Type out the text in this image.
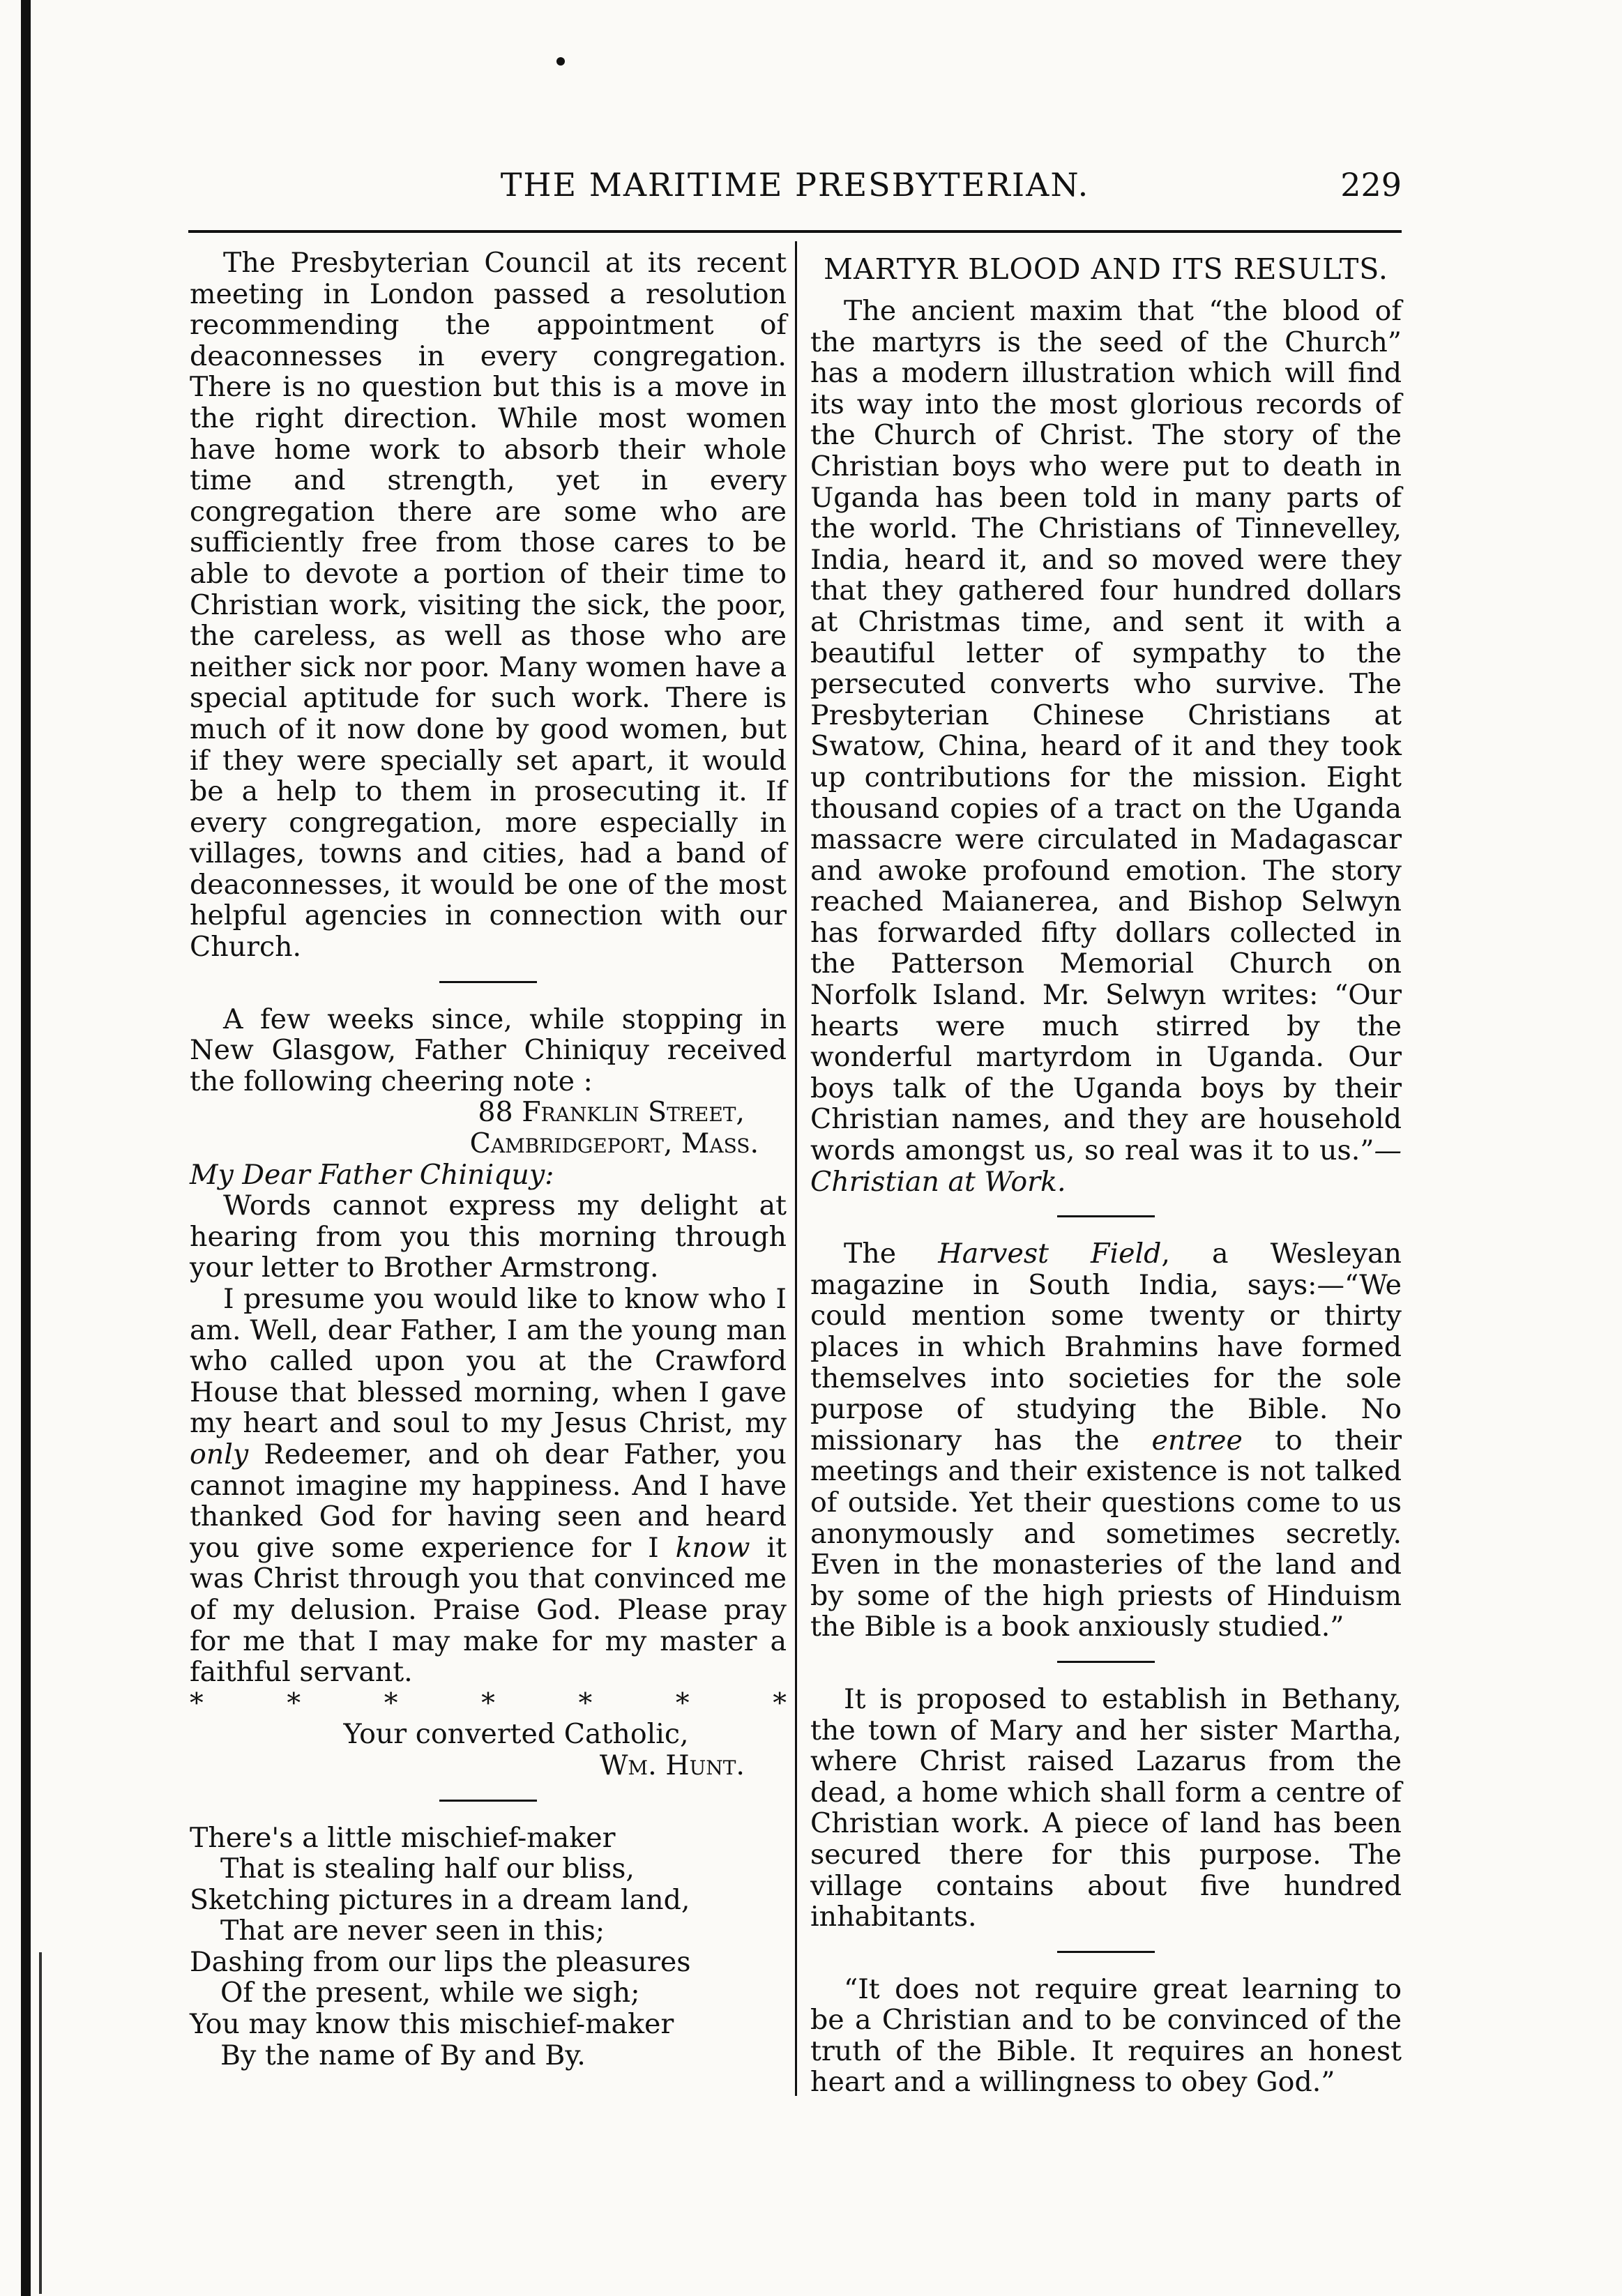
THE MARITIME PRESBYTERIAN.	229

The Presbyterian Council at its recent meeting in London passed a resolution recommending the appointment of deaconnesses in every congregation. There is no question but this is a move in the right direction. While most women have home work to absorb their whole time and strength, yet in every congregation there are some who are sufficiently free from those cares to be able to devote a portion of their time to Christian work, visiting the sick, the poor, the careless, as well as those who are neither sick nor poor. Many women have a special aptitude for such work. There is much of it now done by good women, but if they were specially set apart, it would be a help to them in prosecuting it. If every congregation, more especially in villages, towns and cities, had a band of deaconnesses, it would be one of the most helpful agencies in connection with our Church.

A few weeks since, while stopping in New Glasgow, Father Chiniquy received the following cheering note :

88 Franklin Street,

Cambridgeport, Mass.

My Dear Father Chiniquy:

Words cannot express my delight at hearing from you this morning through your letter to Brother Armstrong.

I presume you would like to know who I am. Well, dear Father, I am the young man who called upon you at the Crawford House that blessed morning, when I gave my heart and soul to my Jesus Christ, my only Redeemer, and oh dear Father, you cannot imagine my happiness. And I have thanked God for having seen and heard you give some experience for I know it was Christ through you that convinced me of my delusion. Praise God. Please pray for me that I may make for my master a faithful servant.

*	*	*	*	*	*	*

Your converted Catholic,

Wm. Hunt.

There's a little mischief-maker

That is stealing half our bliss,

Sketching pictures in a dream land,

That are never seen in this;

Dashing from our lips the pleasures

Of the present, while we sigh;

You may know this mischief-maker

By the name of By and By.

MARTYR BLOOD AND ITS RESULTS.

The ancient maxim that “the blood of the martyrs is the seed of the Church” has a modern illustration which will find its way into the most glorious records of the Church of Christ. The story of the Christian boys who were put to death in Uganda has been told in many parts of the world. The Christians of Tinnevelley, India, heard it, and so moved were they that they gathered four hundred dollars at Christmas time, and sent it with a beautiful letter of sympathy to the persecuted converts who survive. The Presbyterian Chinese Christians at Swatow, China, heard of it and they took up contributions for the mission. Eight thousand copies of a tract on the Uganda massacre were circulated in Madagascar and awoke profound emotion. The story reached Maianerea, and Bishop Selwyn has forwarded fifty dollars collected in the Patterson Memorial Church on Norfolk Island. Mr. Selwyn writes: “Our hearts were much stirred by the wonderful martyrdom in Uganda. Our boys talk of the Uganda boys by their Christian names, and they are household words amongst us, so real was it to us.”—Christian at Work.

The Harvest Field, a Wesleyan magazine in South India, says:—“We could mention some twenty or thirty places in which Brahmins have formed themselves into societies for the sole purpose of studying the Bible. No missionary has the entree to their meetings and their existence is not talked of outside. Yet their questions come to us anonymously and sometimes secretly. Even in the monasteries of the land and by some of the high priests of Hinduism the Bible is a book anxiously studied.”

It is proposed to establish in Bethany, the town of Mary and her sister Martha, where Christ raised Lazarus from the dead, a home which shall form a centre of Christian work. A piece of land has been secured there for this purpose. The village contains about five hundred inhabitants.

“It does not require great learning to be a Christian and to be convinced of the truth of the Bible. It requires an honest heart and a willingness to obey God.”
